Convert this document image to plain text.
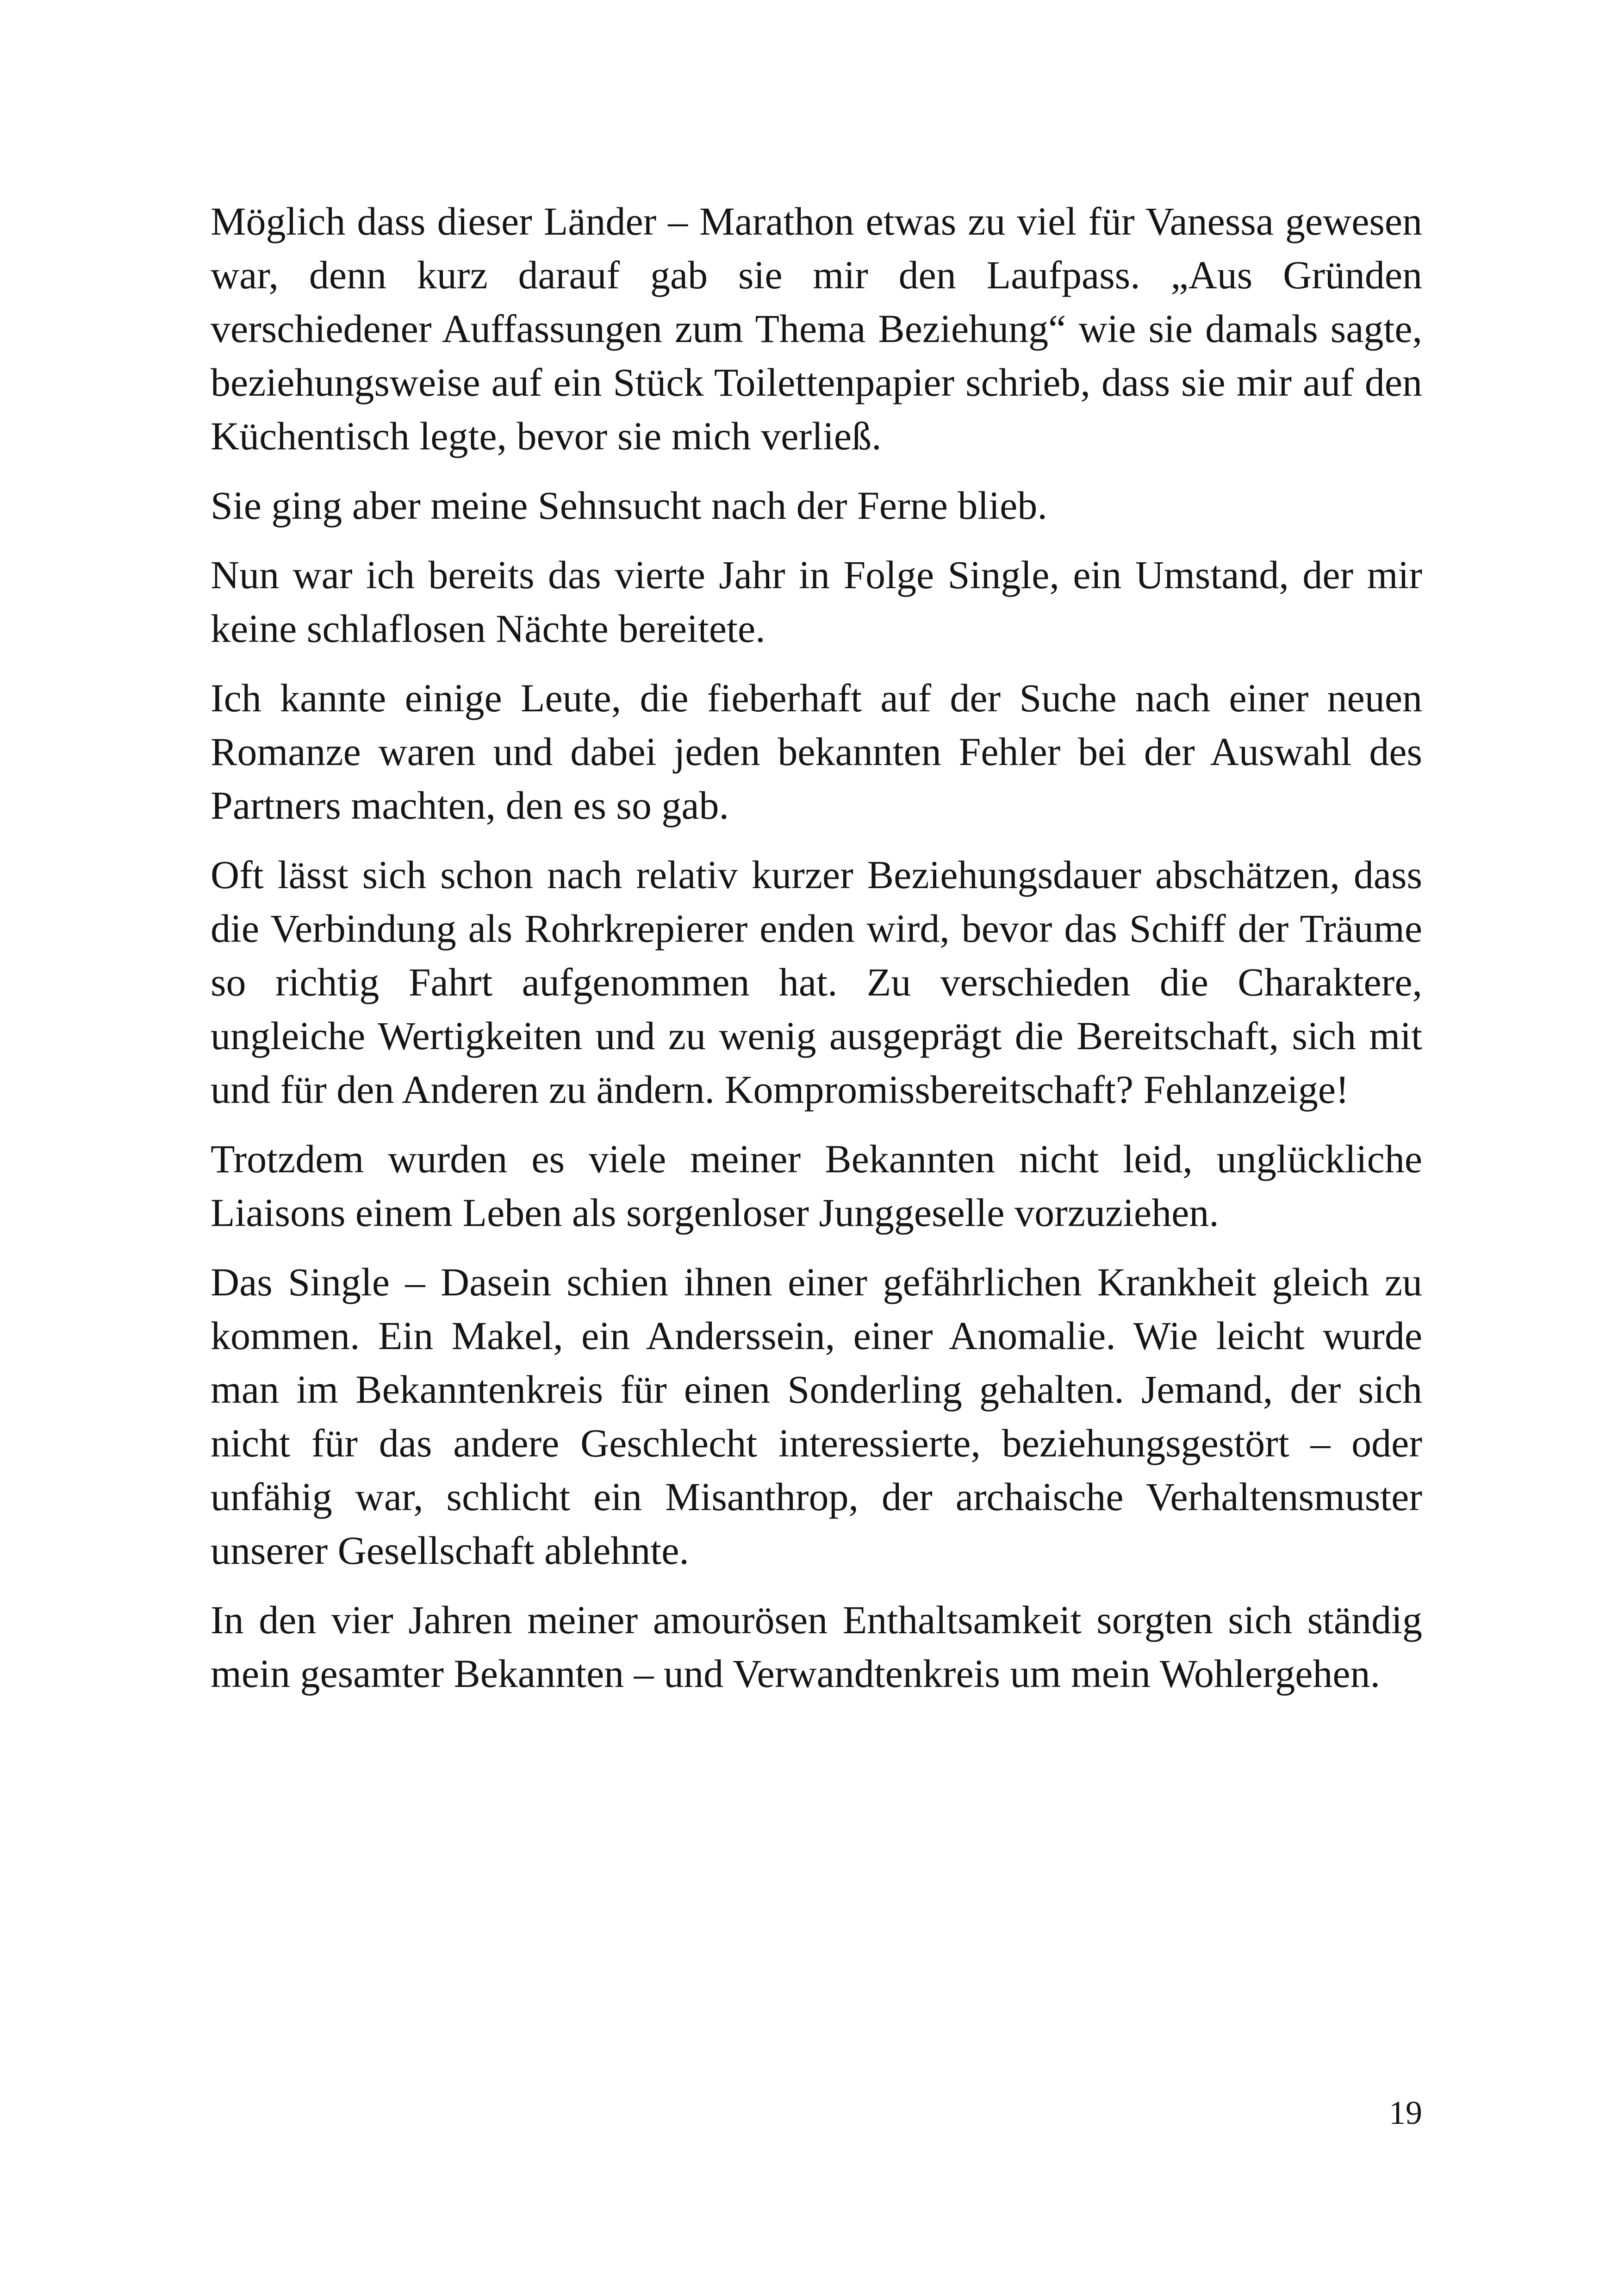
Möglich dass dieser Länder – Marathon etwas zu viel für Vanessa gewesen war, denn kurz darauf gab sie mir den Laufpass. „Aus Gründen verschiedener Auffassungen zum Thema Beziehung“ wie sie damals sagte, beziehungsweise auf ein Stück Toilettenpapier schrieb, dass sie mir auf den Küchentisch legte, bevor sie mich verließ.

Sie ging aber meine Sehnsucht nach der Ferne blieb.

Nun war ich bereits das vierte Jahr in Folge Single, ein Umstand, der mir keine schlaflosen Nächte bereitete.

Ich kannte einige Leute, die fieberhaft auf der Suche nach einer neuen Romanze waren und dabei jeden bekannten Fehler bei der Auswahl des Partners machten, den es so gab.

Oft lässt sich schon nach relativ kurzer Beziehungsdauer abschätzen, dass die Verbindung als Rohrkrepierer enden wird, bevor das Schiff der Träume so richtig Fahrt aufgenommen hat. Zu verschieden die Charaktere, ungleiche Wertigkeiten und zu wenig ausgeprägt die Bereitschaft, sich mit und für den Anderen zu ändern. Kompromissbereitschaft? Fehlanzeige!

Trotzdem wurden es viele meiner Bekannten nicht leid, unglückliche Liaisons einem Leben als sorgenloser Junggeselle vorzuziehen.

Das Single – Dasein schien ihnen einer gefährlichen Krankheit gleich zu kommen. Ein Makel, ein Anderssein, einer Anomalie. Wie leicht wurde man im Bekanntenkreis für einen Sonderling gehalten. Jemand, der sich nicht für das andere Geschlecht interessierte, beziehungsgestört – oder unfähig war, schlicht ein Misanthrop, der archaische Verhaltensmuster unserer Gesellschaft ablehnte.

In den vier Jahren meiner amourösen Enthaltsamkeit sorgten sich ständig mein gesamter Bekannten – und Verwandtenkreis um mein Wohlergehen.

19
